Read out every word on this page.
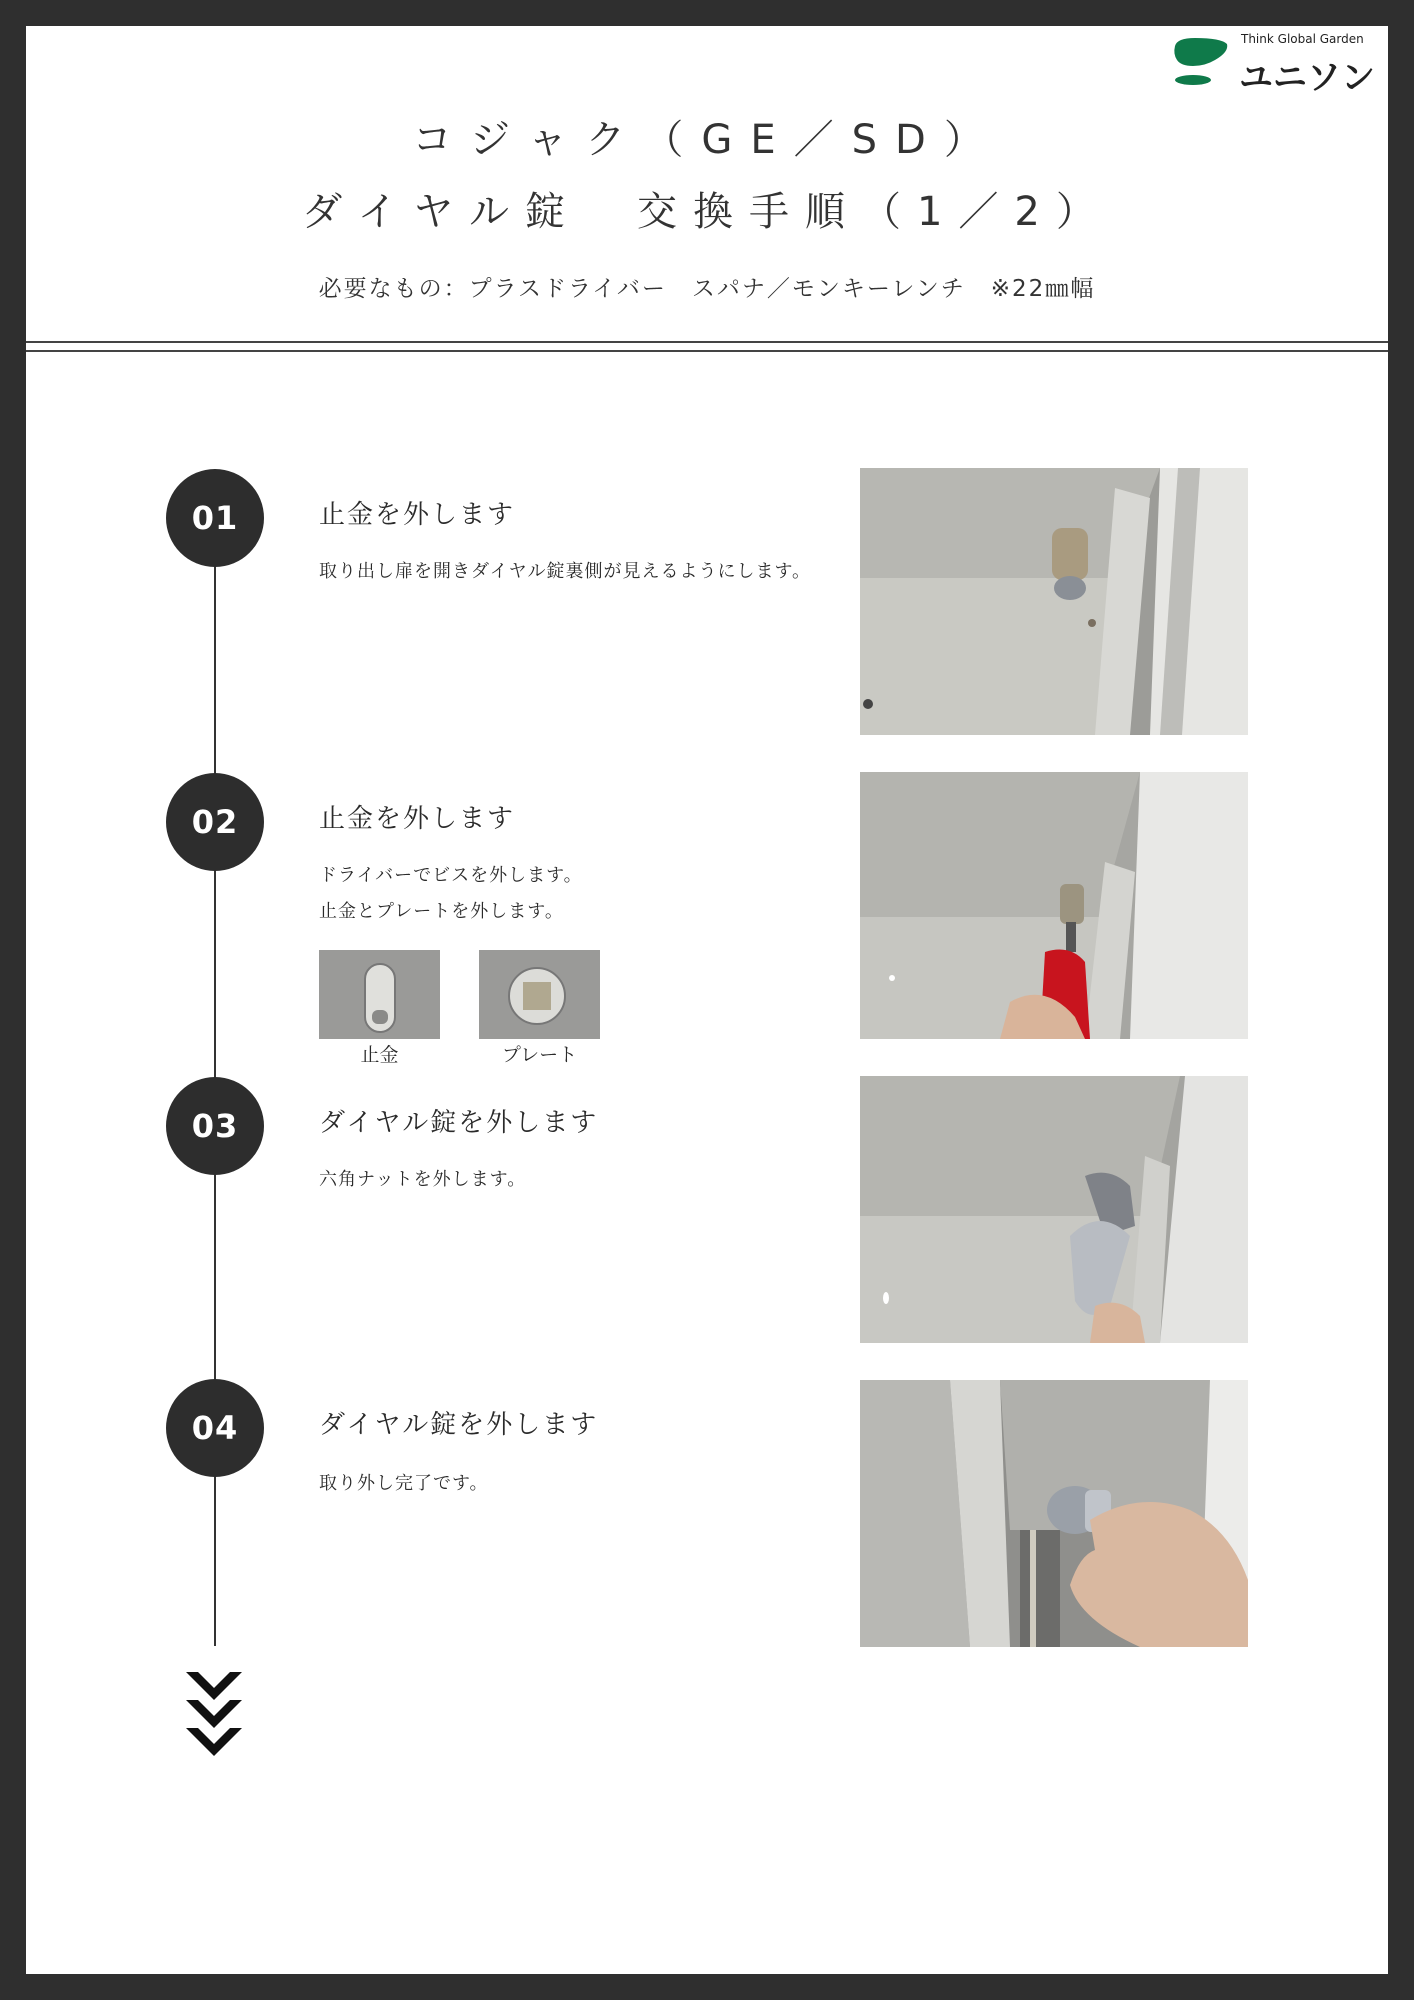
Think Global Garden
ユニソン
コジャク（GE／SD）
ダイヤル錠　交換手順（1／2）
必要なもの：プラスドライバー　スパナ／モンキーレンチ　※22㎜幅
01	止金を外します
取り出し扉を開きダイヤル錠裏側が見えるようにします。
02	止金を外します
ドライバーでビスを外します。
止金とプレートを外します。
止金	プレート
03	ダイヤル錠を外します
六角ナットを外します。
04	ダイヤル錠を外します
取り外し完了です。
